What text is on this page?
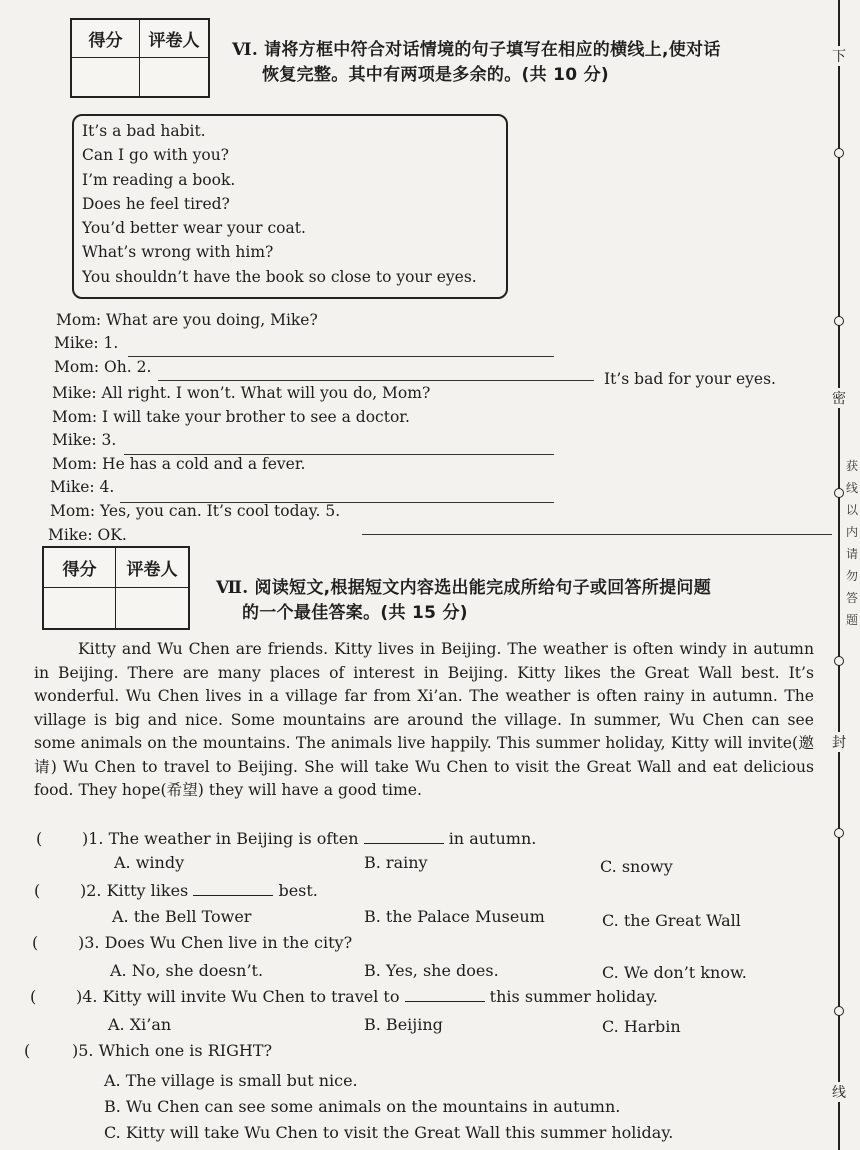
得分	评卷人	Ⅵ. 请将方框中符合对话情境的句子填写在相应的横线上,使对话
恢复完整。其中有两项是多余的。(共 10 分)
It’s a bad habit.
Can I go with you?
I’m reading a book.
Does he feel tired?
You’d better wear your coat.
What’s wrong with him?
You shouldn’t have the book so close to your eyes.
Mom: What are you doing, Mike?
Mike: 1.
Mom: Oh. 2.
It’s bad for your eyes.
Mike: All right. I won’t. What will you do, Mom?
Mom: I will take your brother to see a doctor.
Mike: 3.
Mom: He has a cold and a fever.
Mike: 4.
Mom: Yes, you can. It’s cool today. 5.
Mike: OK.
得分	评卷人
Ⅶ. 阅读短文,根据短文内容选出能完成所给句子或回答所提问题
的一个最佳答案。(共 15 分)
Kitty and Wu Chen are friends. Kitty lives in Beijing. The weather is often windy in autumn in Beijing. There are many places of interest in Beijing. Kitty likes the Great Wall best. It’s wonderful. Wu Chen lives in a village far from Xi’an. The weather is often rainy in autumn. The village is big and nice. Some mountains are around the village. In summer, Wu Chen can see some animals on the mountains. The animals live happily. This summer holiday, Kitty will invite(邀请) Wu Chen to travel to Beijing. She will take Wu Chen to visit the Great Wall and eat delicious food. They hope(希望) they will have a good time.
( )1. The weather in Beijing is often	in autumn.
A. windy	B. rainy	C. snowy
( )2. Kitty likes	best.
A. the Bell Tower	B. the Palace Museum	C. the Great Wall
( )3. Does Wu Chen live in the city?
A. No, she doesn’t.	B. Yes, she does.	C. We don’t know.
( )4. Kitty will invite Wu Chen to travel to	this summer holiday.
A. Xi’an	B. Beijing	C. Harbin
(	)5. Which one is RIGHT?
A. The village is small but nice.
B. Wu Chen can see some animals on the mountains in autumn.
C. Kitty will take Wu Chen to visit the Great Wall this summer holiday.
下
密
封
线
获 线 以 内 请 勿 答 题
